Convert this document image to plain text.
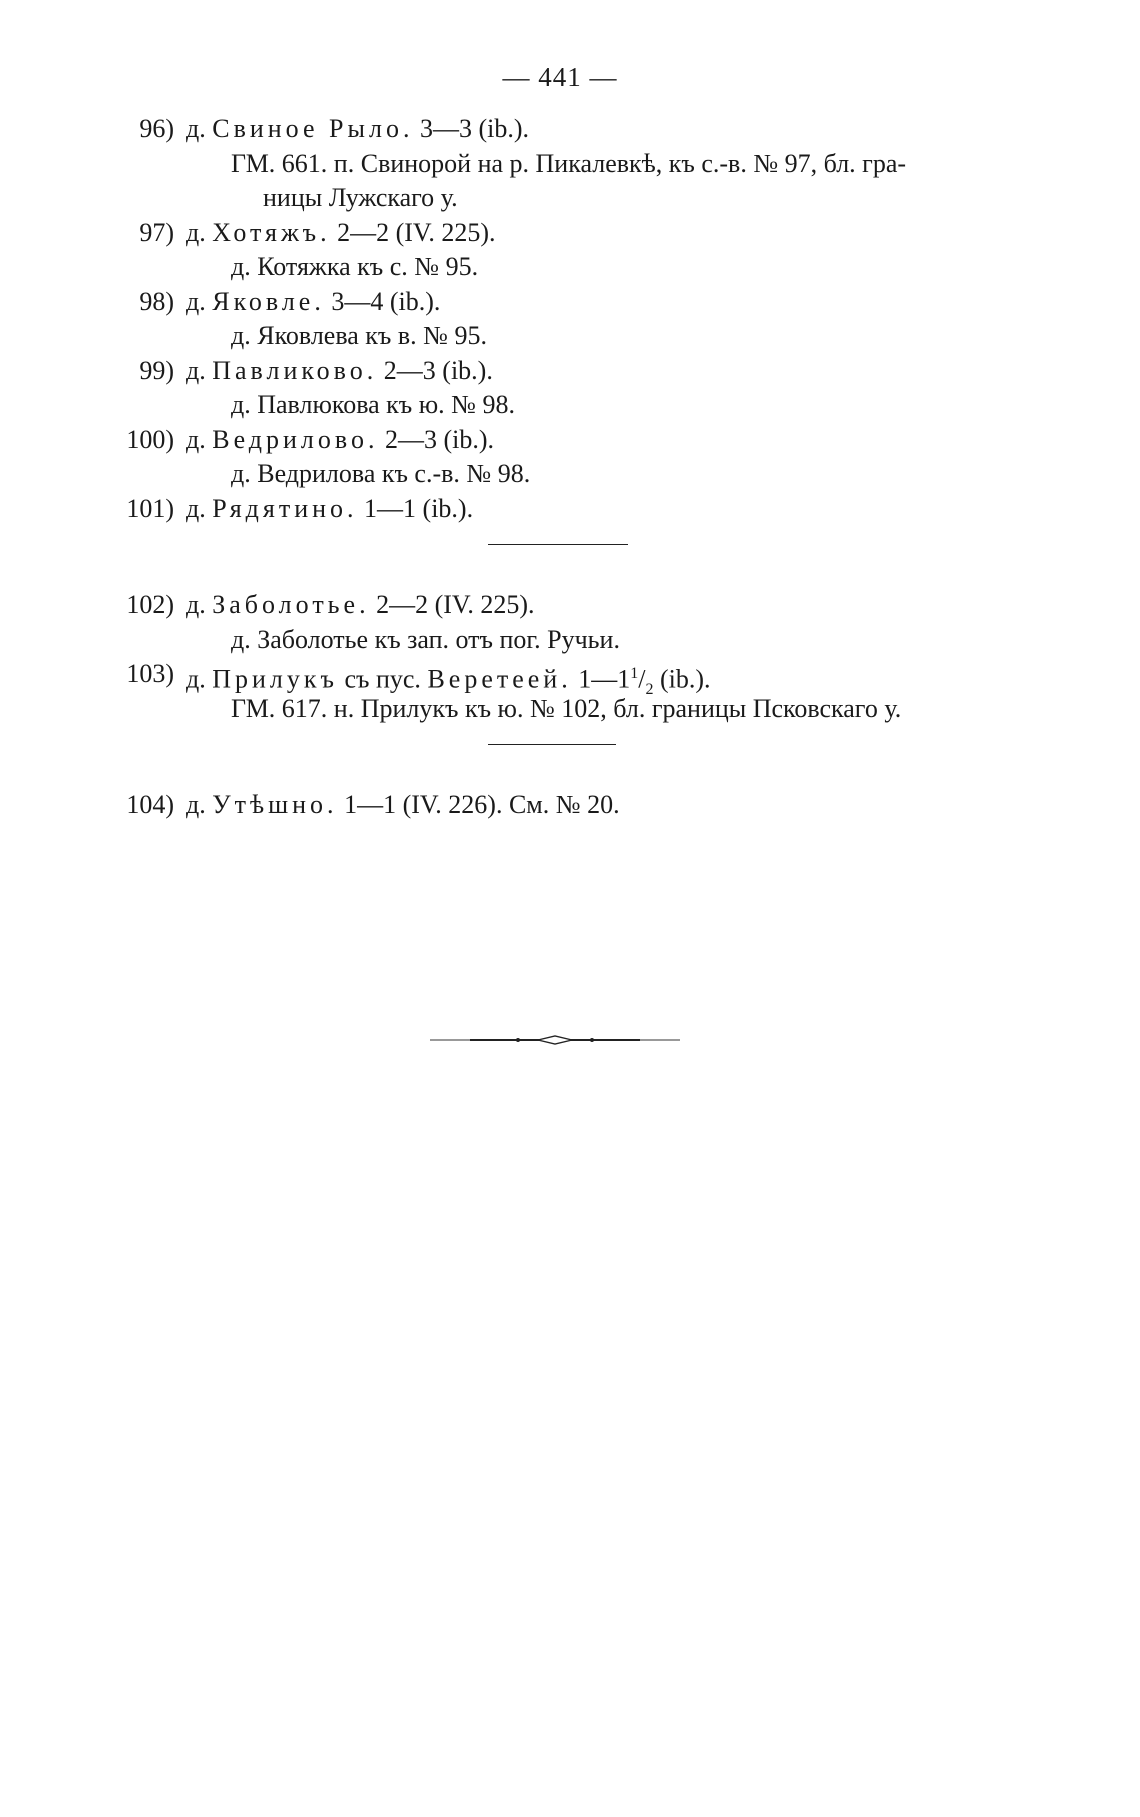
— 441 —
96) д. Свиное Рыло. 3—3 (ib.).
ГМ. 661. п. Свинорой на р. Пикалевкѣ, къ с.-в. № 97, бл. гра-
ницы Лужскаго у.
97) д. Хотяжъ. 2—2 (IV. 225).
д. Котяжка къ с. № 95.
98) д. Яковле. 3—4 (ib.).
д. Яковлева къ в. № 95.
99) д. Павликово. 2—3 (ib.).
д. Павлюкова къ ю. № 98.
100) д. Ведрилово. 2—3 (ib.).
д. Ведрилова къ с.-в. № 98.
101) д. Рядятино. 1—1 (ib.).
102) д. Заболотье. 2—2 (IV. 225).
д. Заболотье къ зап. отъ пог. Ручьи.
103) д. Прилукъ съ пус. Веретеей. $1—1^1/_2$ (ib.).
ГМ. 617. н. Прилукъ къ ю. № 102, бл. границы Псковскаго у.
104) д. Утѣшно. 1—1 (IV. 226). См. № 20.
